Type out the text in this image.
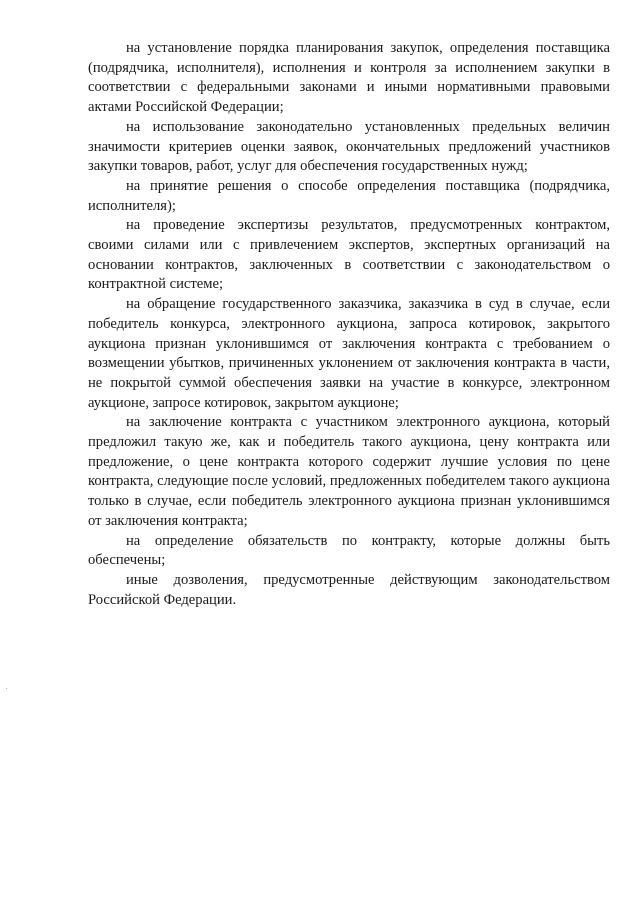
на установление порядка планирования закупок, определения поставщика (подрядчика, исполнителя), исполнения и контроля за исполнением закупки в соответствии с федеральными законами и иными нормативными правовыми актами Российской Федерации;

на использование законодательно установленных предельных величин значимости критериев оценки заявок, окончательных предложений участников закупки товаров, работ, услуг для обеспечения государственных нужд;

на принятие решения о способе определения поставщика (подрядчика, исполнителя);

на проведение экспертизы результатов, предусмотренных контрактом, своими силами или с привлечением экспертов, экспертных организаций на основании контрактов, заключенных в соответствии с законодательством о контрактной системе;

на обращение государственного заказчика, заказчика в суд в случае, если победитель конкурса, электронного аукциона, запроса котировок, закрытого аукциона признан уклонившимся от заключения контракта с требованием о возмещении убытков, причиненных уклонением от заключения контракта в части, не покрытой суммой обеспечения заявки на участие в конкурсе, электронном аукционе, запросе котировок, закрытом аукционе;

на заключение контракта с участником электронного аукциона, который предложил такую же, как и победитель такого аукциона, цену контракта или предложение, о цене контракта которого содержит лучшие условия по цене контракта, следующие после условий, предложенных победителем такого аукциона только в случае, если победитель электронного аукциона признан уклонившимся от заключения контракта;

на определение обязательств по контракту, которые должны быть обеспечены;

иные дозволения, предусмотренные действующим законодательством Российской Федерации.
